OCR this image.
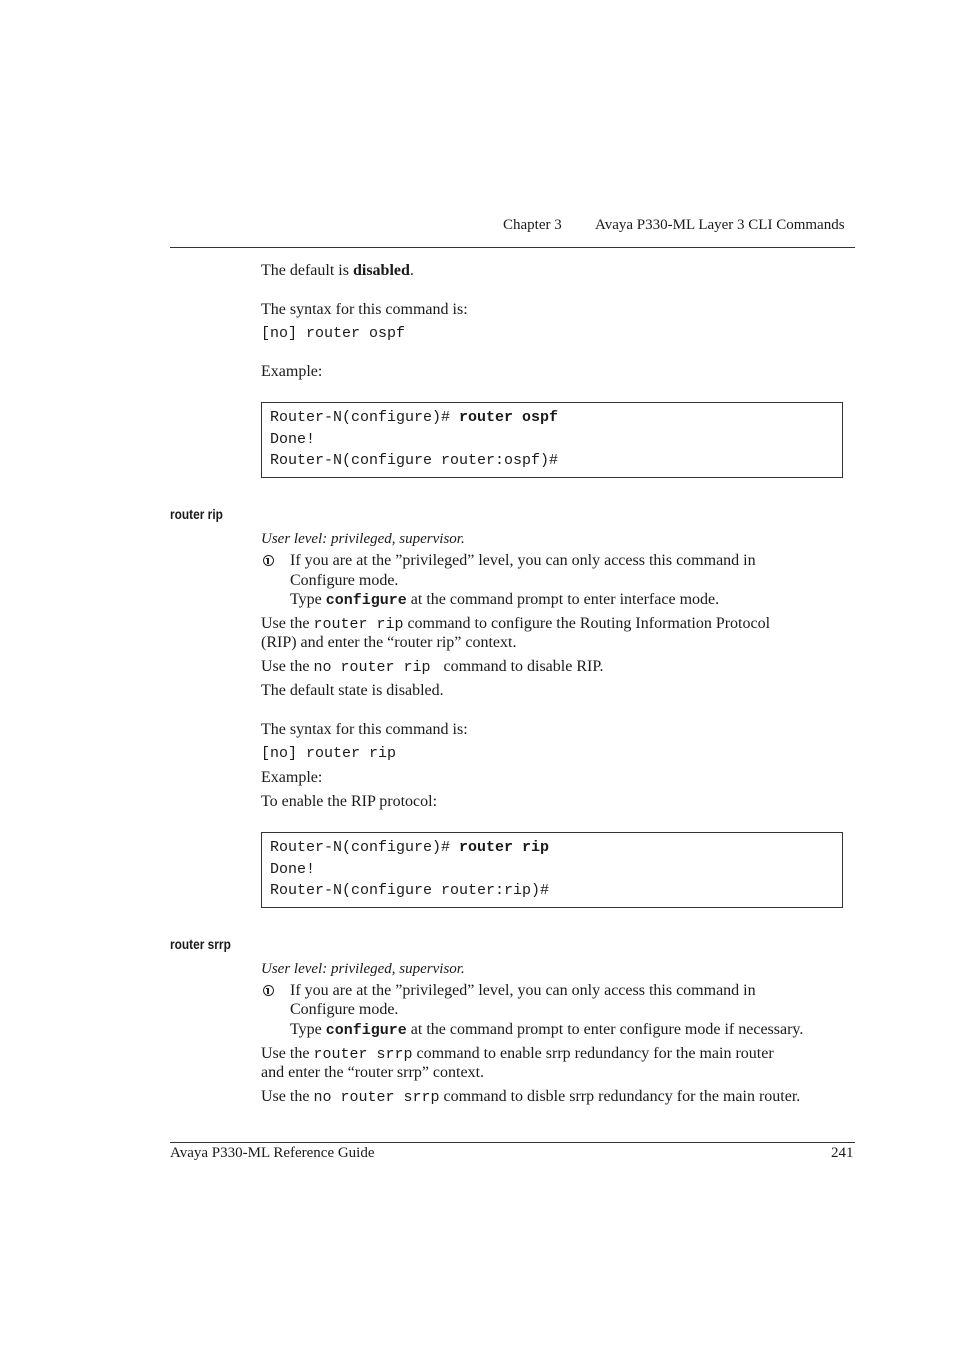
Chapter 3 Avaya P330-ML Layer 3 CLI Commands
The default is disabled.
The syntax for this command is:
[no] router ospf
Example:
Router-N(configure)# router ospf
Done!
Router-N(configure router:ospf)#
router rip
User level: privileged, supervisor.
If you are at the ”privileged” level, you can only access this command in
Configure mode.
Type configure at the command prompt to enter interface mode.
Use the router rip command to configure the Routing Information Protocol
(RIP) and enter the “router rip” context.
Use the no router rip  command to disable RIP.
The default state is disabled.
The syntax for this command is:
[no] router rip
Example:
To enable the RIP protocol:
Router-N(configure)# router rip
Done!
Router-N(configure router:rip)#
router srrp
User level: privileged, supervisor.
If you are at the ”privileged” level, you can only access this command in
Configure mode.
Type configure at the command prompt to enter configure mode if necessary.
Use the router srrp command to enable srrp redundancy for the main router
and enter the “router srrp” context.
Use the no router srrp command to disble srrp redundancy for the main router.
Avaya P330-ML Reference Guide	241
